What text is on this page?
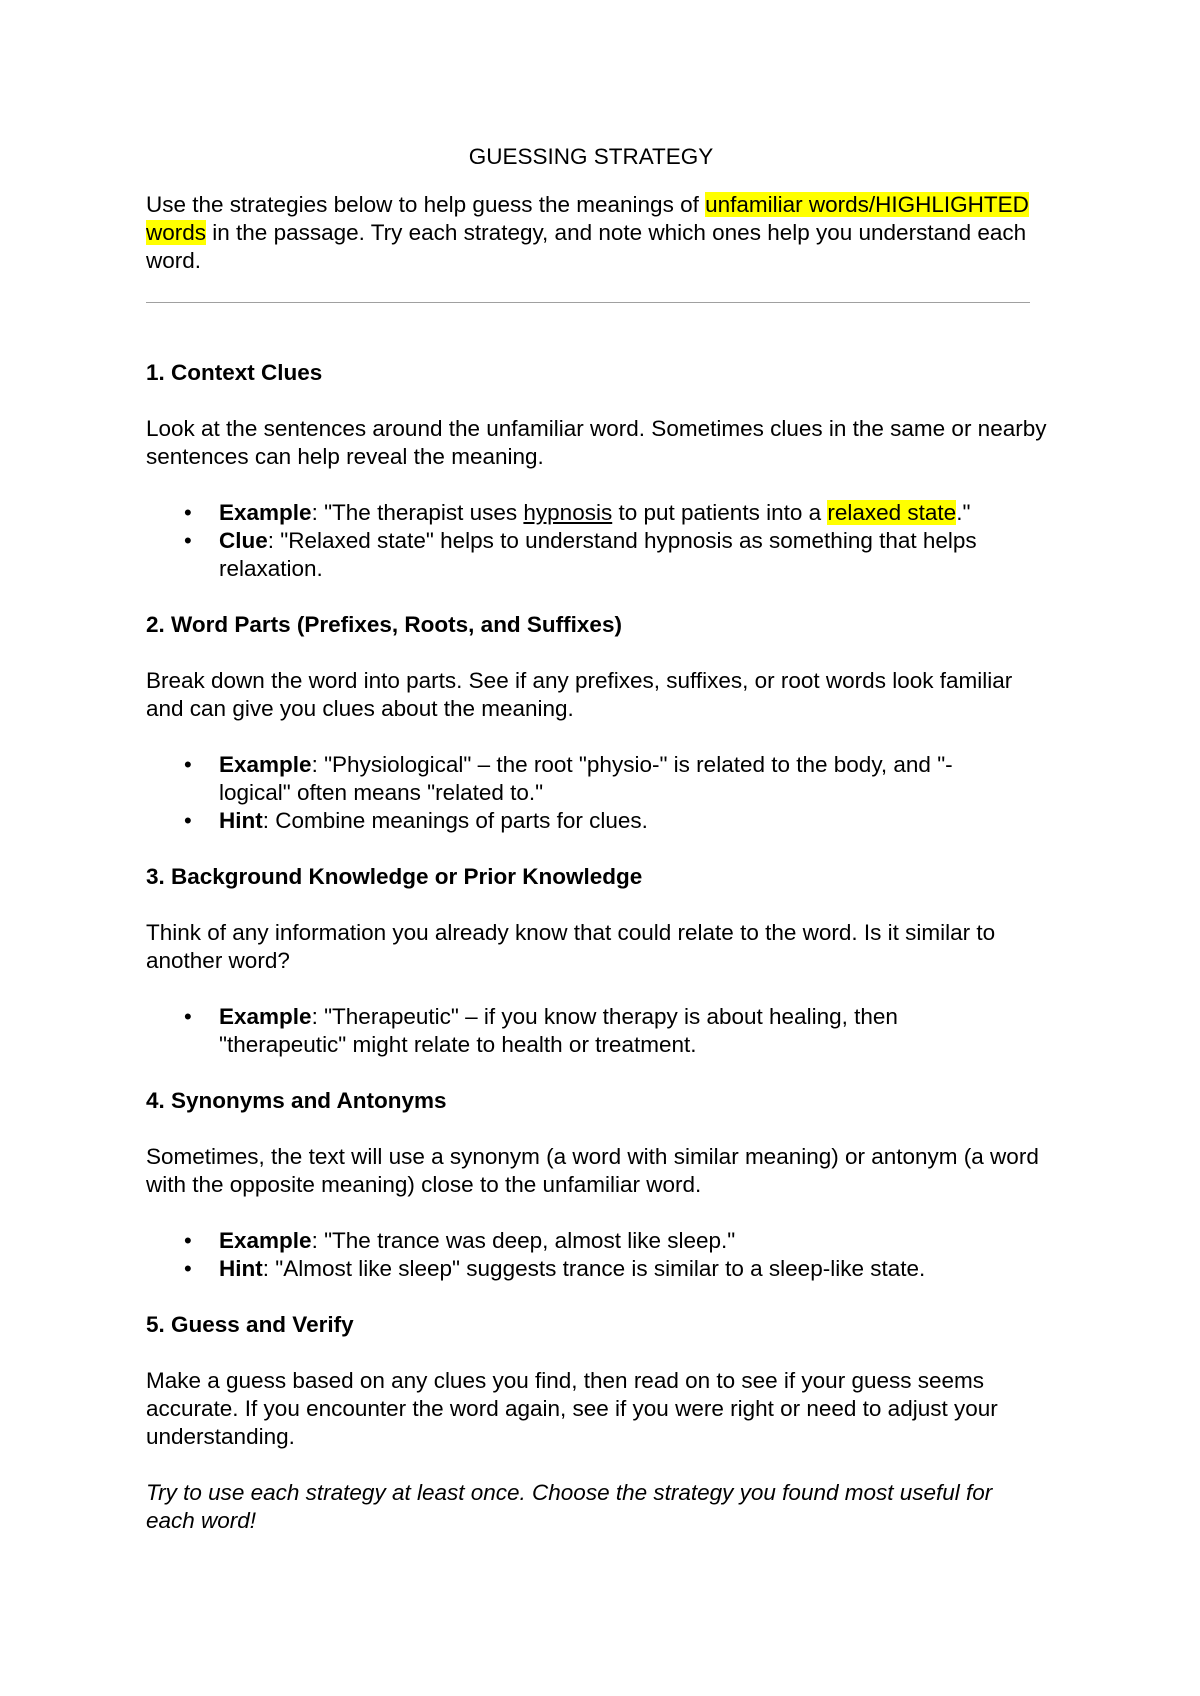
GUESSING STRATEGY

Use the strategies below to help guess the meanings of unfamiliar words/HIGHLIGHTED words in the passage. Try each strategy, and note which ones help you understand each word.

1. Context Clues

Look at the sentences around the unfamiliar word. Sometimes clues in the same or nearby sentences can help reveal the meaning.

• Example: "The therapist uses hypnosis to put patients into a relaxed state."
• Clue: "Relaxed state" helps to understand hypnosis as something that helps relaxation.

2. Word Parts (Prefixes, Roots, and Suffixes)

Break down the word into parts. See if any prefixes, suffixes, or root words look familiar and can give you clues about the meaning.

• Example: "Physiological" – the root "physio-" is related to the body, and "-logical" often means "related to."
• Hint: Combine meanings of parts for clues.

3. Background Knowledge or Prior Knowledge

Think of any information you already know that could relate to the word. Is it similar to another word?

• Example: "Therapeutic" – if you know therapy is about healing, then "therapeutic" might relate to health or treatment.

4. Synonyms and Antonyms

Sometimes, the text will use a synonym (a word with similar meaning) or antonym (a word with the opposite meaning) close to the unfamiliar word.

• Example: "The trance was deep, almost like sleep."
• Hint: "Almost like sleep" suggests trance is similar to a sleep-like state.

5. Guess and Verify

Make a guess based on any clues you find, then read on to see if your guess seems accurate. If you encounter the word again, see if you were right or need to adjust your understanding.

Try to use each strategy at least once. Choose the strategy you found most useful for each word!
